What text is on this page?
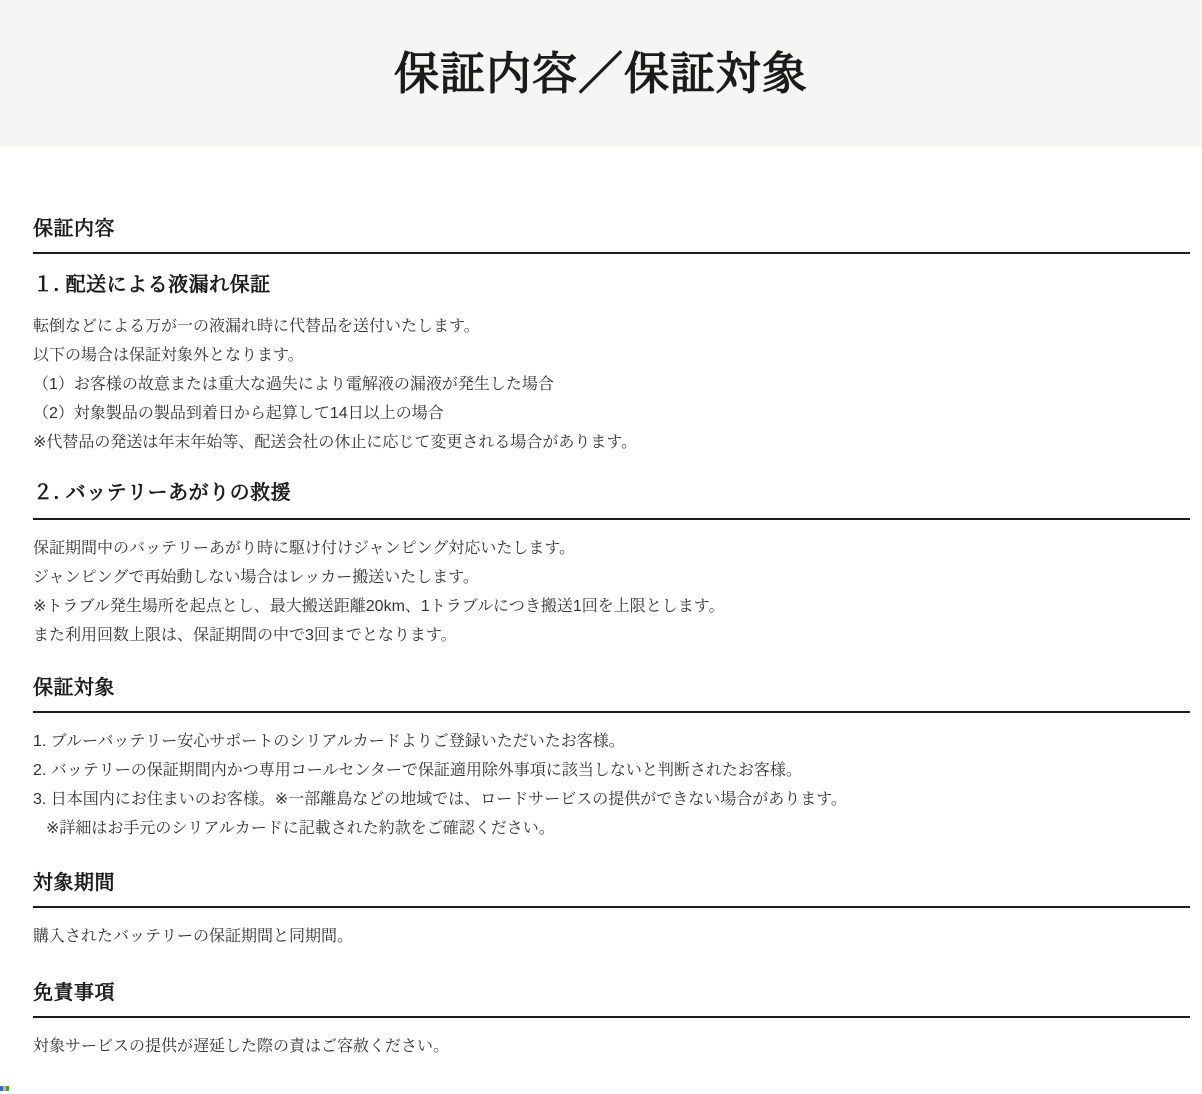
保証内容／保証対象
保証内容
１. 配送による液漏れ保証

転倒などによる万が一の液漏れ時に代替品を送付いたします。

以下の場合は保証対象外となります。

（1）お客様の故意または重大な過失により電解液の漏液が発生した場合

（2）対象製品の製品到着日から起算して14日以上の場合

※代替品の発送は年末年始等、配送会社の休止に応じて変更される場合があります。

２. バッテリーあがりの救援

保証期間中のバッテリーあがり時に駆け付けジャンピング対応いたします。

ジャンピングで再始動しない場合はレッカー搬送いたします。

※トラブル発生場所を起点とし、最大搬送距離20km、1トラブルにつき搬送1回を上限とします。

また利用回数上限は、保証期間の中で3回までとなります。

保証対象

1. ブルーバッテリー安心サポートのシリアルカードよりご登録いただいたお客様。

2. バッテリーの保証期間内かつ専用コールセンターで保証適用除外事項に該当しないと判断されたお客様。

3. 日本国内にお住まいのお客様。※一部離島などの地域では、ロードサービスの提供ができない場合があります。

※詳細はお手元のシリアルカードに記載された約款をご確認ください。

対象期間

購入されたバッテリーの保証期間と同期間。

免責事項

対象サービスの提供が遅延した際の責はご容赦ください。
